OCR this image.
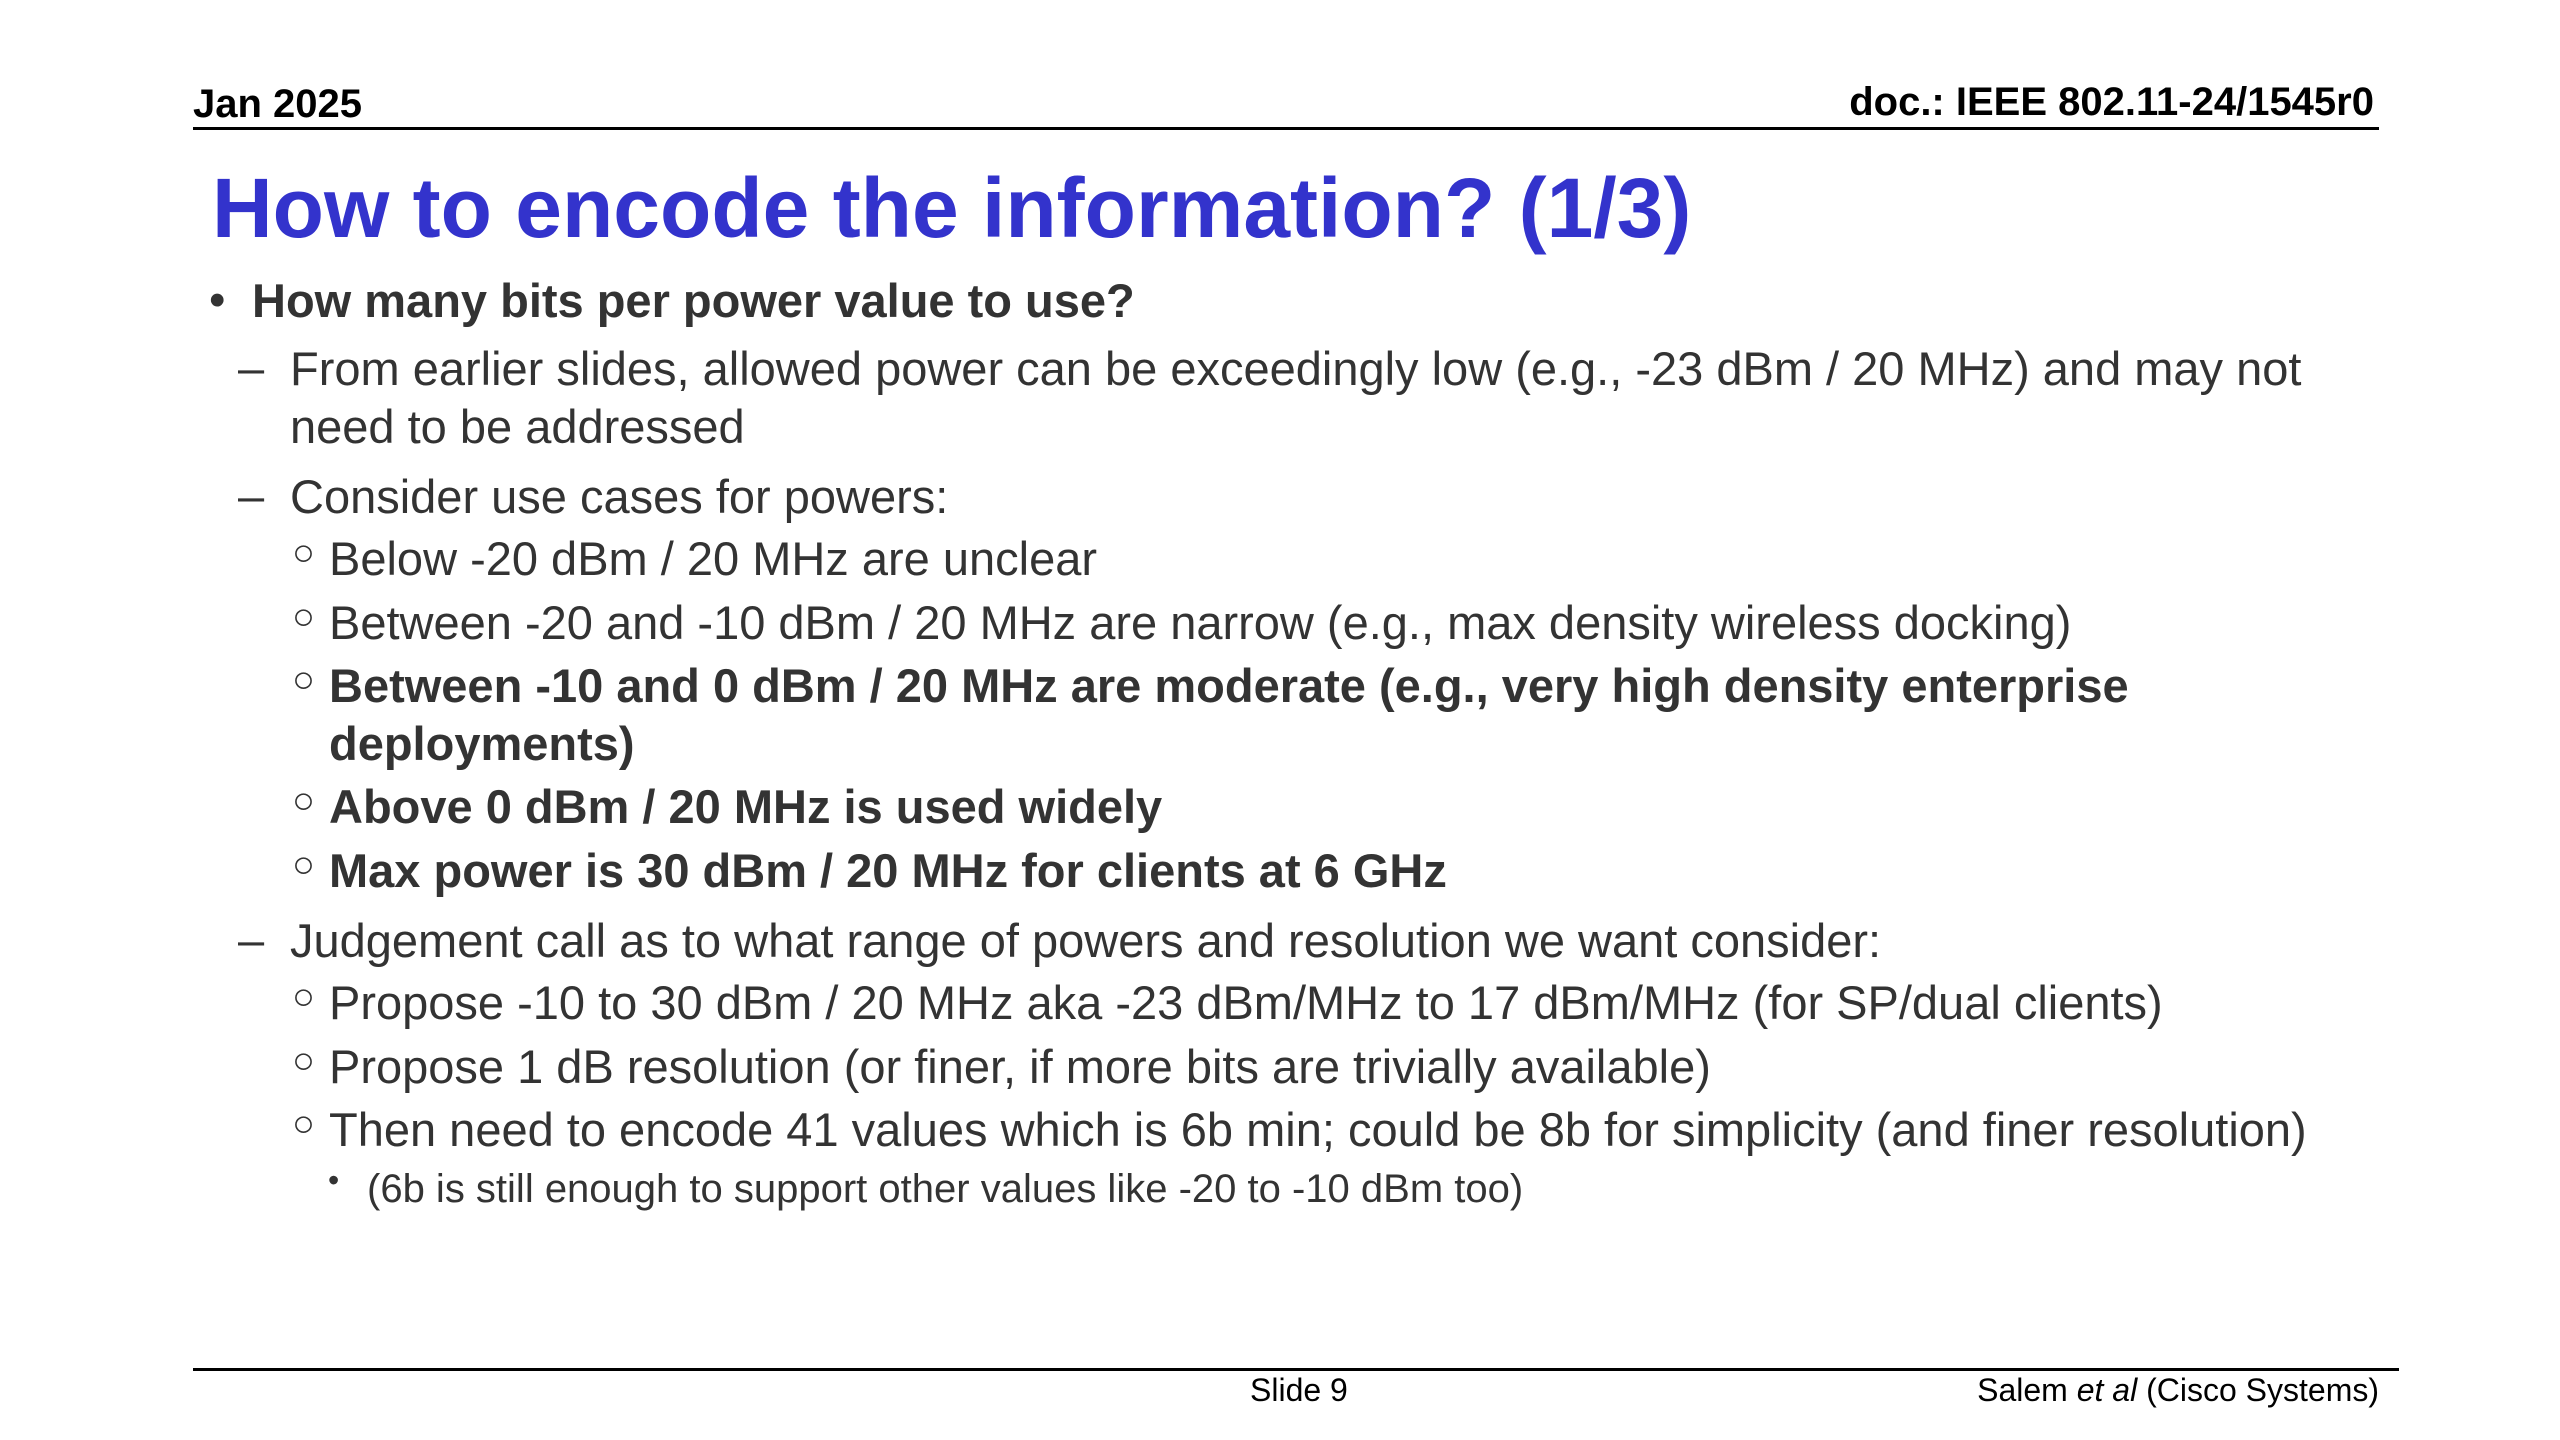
Jan 2025	doc.: IEEE 802.11-24/1545r0
How to encode the information? (1/3)
• How many bits per power value to use?
– From earlier slides, allowed power can be exceedingly low (e.g., -23 dBm / 20 MHz) and may not
need to be addressed
– Consider use cases for powers:
○ Below -20 dBm / 20 MHz are unclear
○ Between -20 and -10 dBm / 20 MHz are narrow (e.g., max density wireless docking)
○ Between -10 and 0 dBm / 20 MHz are moderate (e.g., very high density enterprise
deployments)
○ Above 0 dBm / 20 MHz is used widely
○ Max power is 30 dBm / 20 MHz for clients at 6 GHz
– Judgement call as to what range of powers and resolution we want consider:
○ Propose -10 to 30 dBm / 20 MHz aka -23 dBm/MHz to 17 dBm/MHz (for SP/dual clients)
○ Propose 1 dB resolution (or finer, if more bits are trivially available)
○ Then need to encode 41 values which is 6b min; could be 8b for simplicity (and finer resolution)
• (6b is still enough to support other values like -20 to -10 dBm too)
Slide 9	Salem et al (Cisco Systems)
